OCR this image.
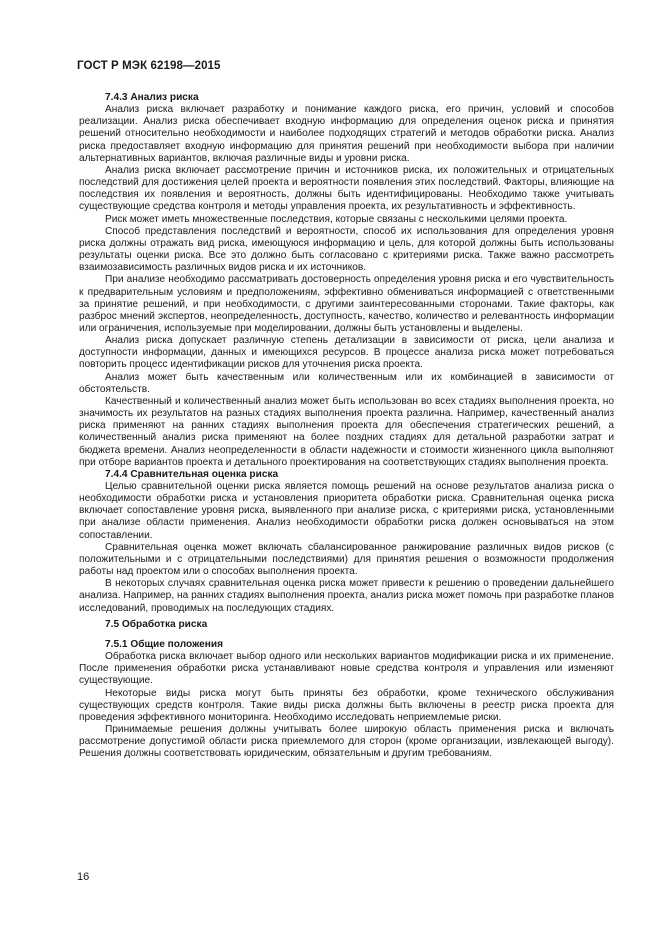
ГОСТ Р МЭК 62198—2015
7.4.3 Анализ риска

Анализ риска включает разработку и понимание каждого риска, его причин, условий и способов реализации. Анализ риска обеспечивает входную информацию для определения оценок риска и принятия решений относительно необходимости и наиболее подходящих стратегий и методов обработки риска. Анализ риска предоставляет входную информацию для принятия решений при необходимости выбора при наличии альтернативных вариантов, включая различные виды и уровни риска.

Анализ риска включает рассмотрение причин и источников риска, их положительных и отрицательных последствий для достижения целей проекта и вероятности появления этих последствий. Факторы, влияющие на последствия их появления и вероятность, должны быть идентифицированы. Необходимо также учитывать существующие средства контроля и методы управления проекта, их результативность и эффективность.

Риск может иметь множественные последствия, которые связаны с несколькими целями проекта.

Способ представления последствий и вероятности, способ их использования для определения уровня риска должны отражать вид риска, имеющуюся информацию и цель, для которой должны быть использованы результаты оценки риска. Все это должно быть согласовано с критериями риска. Также важно рассмотреть взаимозависимость различных видов риска и их источников.

При анализе необходимо рассматривать достоверность определения уровня риска и его чувствительность к предварительным условиям и предположениям, эффективно обмениваться информацией с ответственными за принятие решений, и при необходимости, с другими заинтересованными сторонами. Такие факторы, как разброс мнений экспертов, неопределенность, доступность, качество, количество и релевантность информации или ограничения, используемые при моделировании, должны быть установлены и выделены.

Анализ риска допускает различную степень детализации в зависимости от риска, цели анализа и доступности информации, данных и имеющихся ресурсов. В процессе анализа риска может потребоваться повторить процесс идентификации рисков для уточнения риска проекта.

Анализ может быть качественным или количественным или их комбинацией в зависимости от обстоятельств.

Качественный и количественный анализ может быть использован во всех стадиях выполнения проекта, но значимость их результатов на разных стадиях выполнения проекта различна. Например, качественный анализ риска применяют на ранних стадиях выполнения проекта для обеспечения стратегических решений, а количественный анализ риска применяют на более поздних стадиях для детальной разработки затрат и бюджета времени. Анализ неопределенности в области надежности и стоимости жизненного цикла выполняют при отборе вариантов проекта и детального проектирования на соответствующих стадиях выполнения проекта.

7.4.4 Сравнительная оценка риска

Целью сравнительной оценки риска является помощь решений на основе результатов анализа риска о необходимости обработки риска и установления приоритета обработки риска. Сравнительная оценка риска включает сопоставление уровня риска, выявленного при анализе риска, с критериями риска, установленными при анализе области применения. Анализ необходимости обработки риска должен основываться на этом сопоставлении.

Сравнительная оценка может включать сбалансированное ранжирование различных видов рисков (с положительными и с отрицательными последствиями) для принятия решения о возможности продолжения работы над проектом или о способах выполнения проекта.

В некоторых случаях сравнительная оценка риска может привести к решению о проведении дальнейшего анализа. Например, на ранних стадиях выполнения проекта, анализ риска может помочь при разработке планов исследований, проводимых на последующих стадиях.

7.5 Обработка риска
7.5.1 Общие положения

Обработка риска включает выбор одного или нескольких вариантов модификации риска и их применение. После применения обработки риска устанавливают новые средства контроля и управления или изменяют существующие.

Некоторые виды риска могут быть приняты без обработки, кроме технического обслуживания существующих средств контроля. Такие виды риска должны быть включены в реестр риска проекта для проведения эффективного мониторинга. Необходимо исследовать неприемлемые риски.

Принимаемые решения должны учитывать более широкую область применения риска и включать рассмотрение допустимой области риска приемлемого для сторон (кроме организации, извлекающей выгоду). Решения должны соответствовать юридическим, обязательным и другим требованиям.

16
